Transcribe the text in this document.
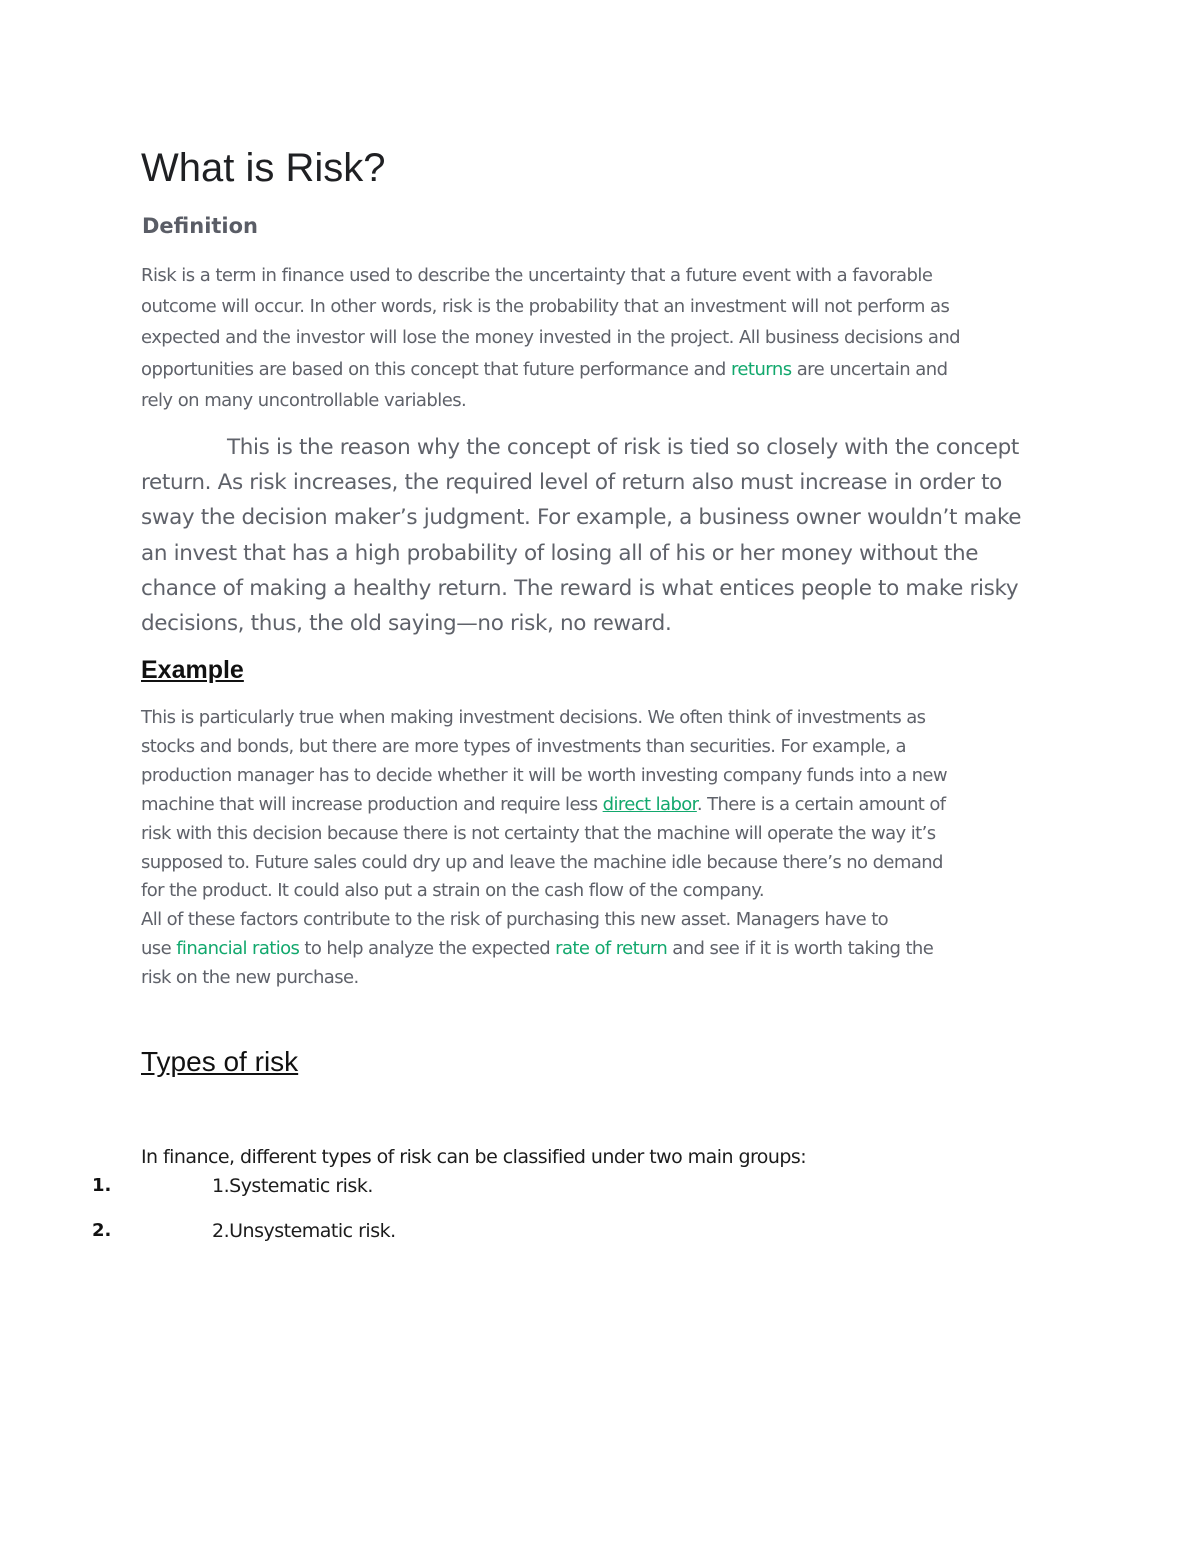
What is Risk?
Definition

Risk is a term in finance used to describe the uncertainty that a future event with a favorable
outcome will occur. In other words, risk is the probability that an investment will not perform as
expected and the investor will lose the money invested in the project. All business decisions and
opportunities are based on this concept that future performance and returns are uncertain and
rely on many uncontrollable variables.

This is the reason why the concept of risk is tied so closely with the concept
return. As risk increases, the required level of return also must increase in order to
sway the decision maker’s judgment. For example, a business owner wouldn’t make
an invest that has a high probability of losing all of his or her money without the
chance of making a healthy return. The reward is what entices people to make risky
decisions, thus, the old saying—no risk, no reward.

Example

This is particularly true when making investment decisions. We often think of investments as
stocks and bonds, but there are more types of investments than securities. For example, a
production manager has to decide whether it will be worth investing company funds into a new
machine that will increase production and require less direct labor. There is a certain amount of
risk with this decision because there is not certainty that the machine will operate the way it’s
supposed to. Future sales could dry up and leave the machine idle because there’s no demand
for the product. It could also put a strain on the cash flow of the company.
All of these factors contribute to the risk of purchasing this new asset. Managers have to
use financial ratios to help analyze the expected rate of return and see if it is worth taking the
risk on the new purchase.

Types of risk

In finance, different types of risk can be classified under two main groups:

1.	1.Systematic risk.
2.	2.Unsystematic risk.
